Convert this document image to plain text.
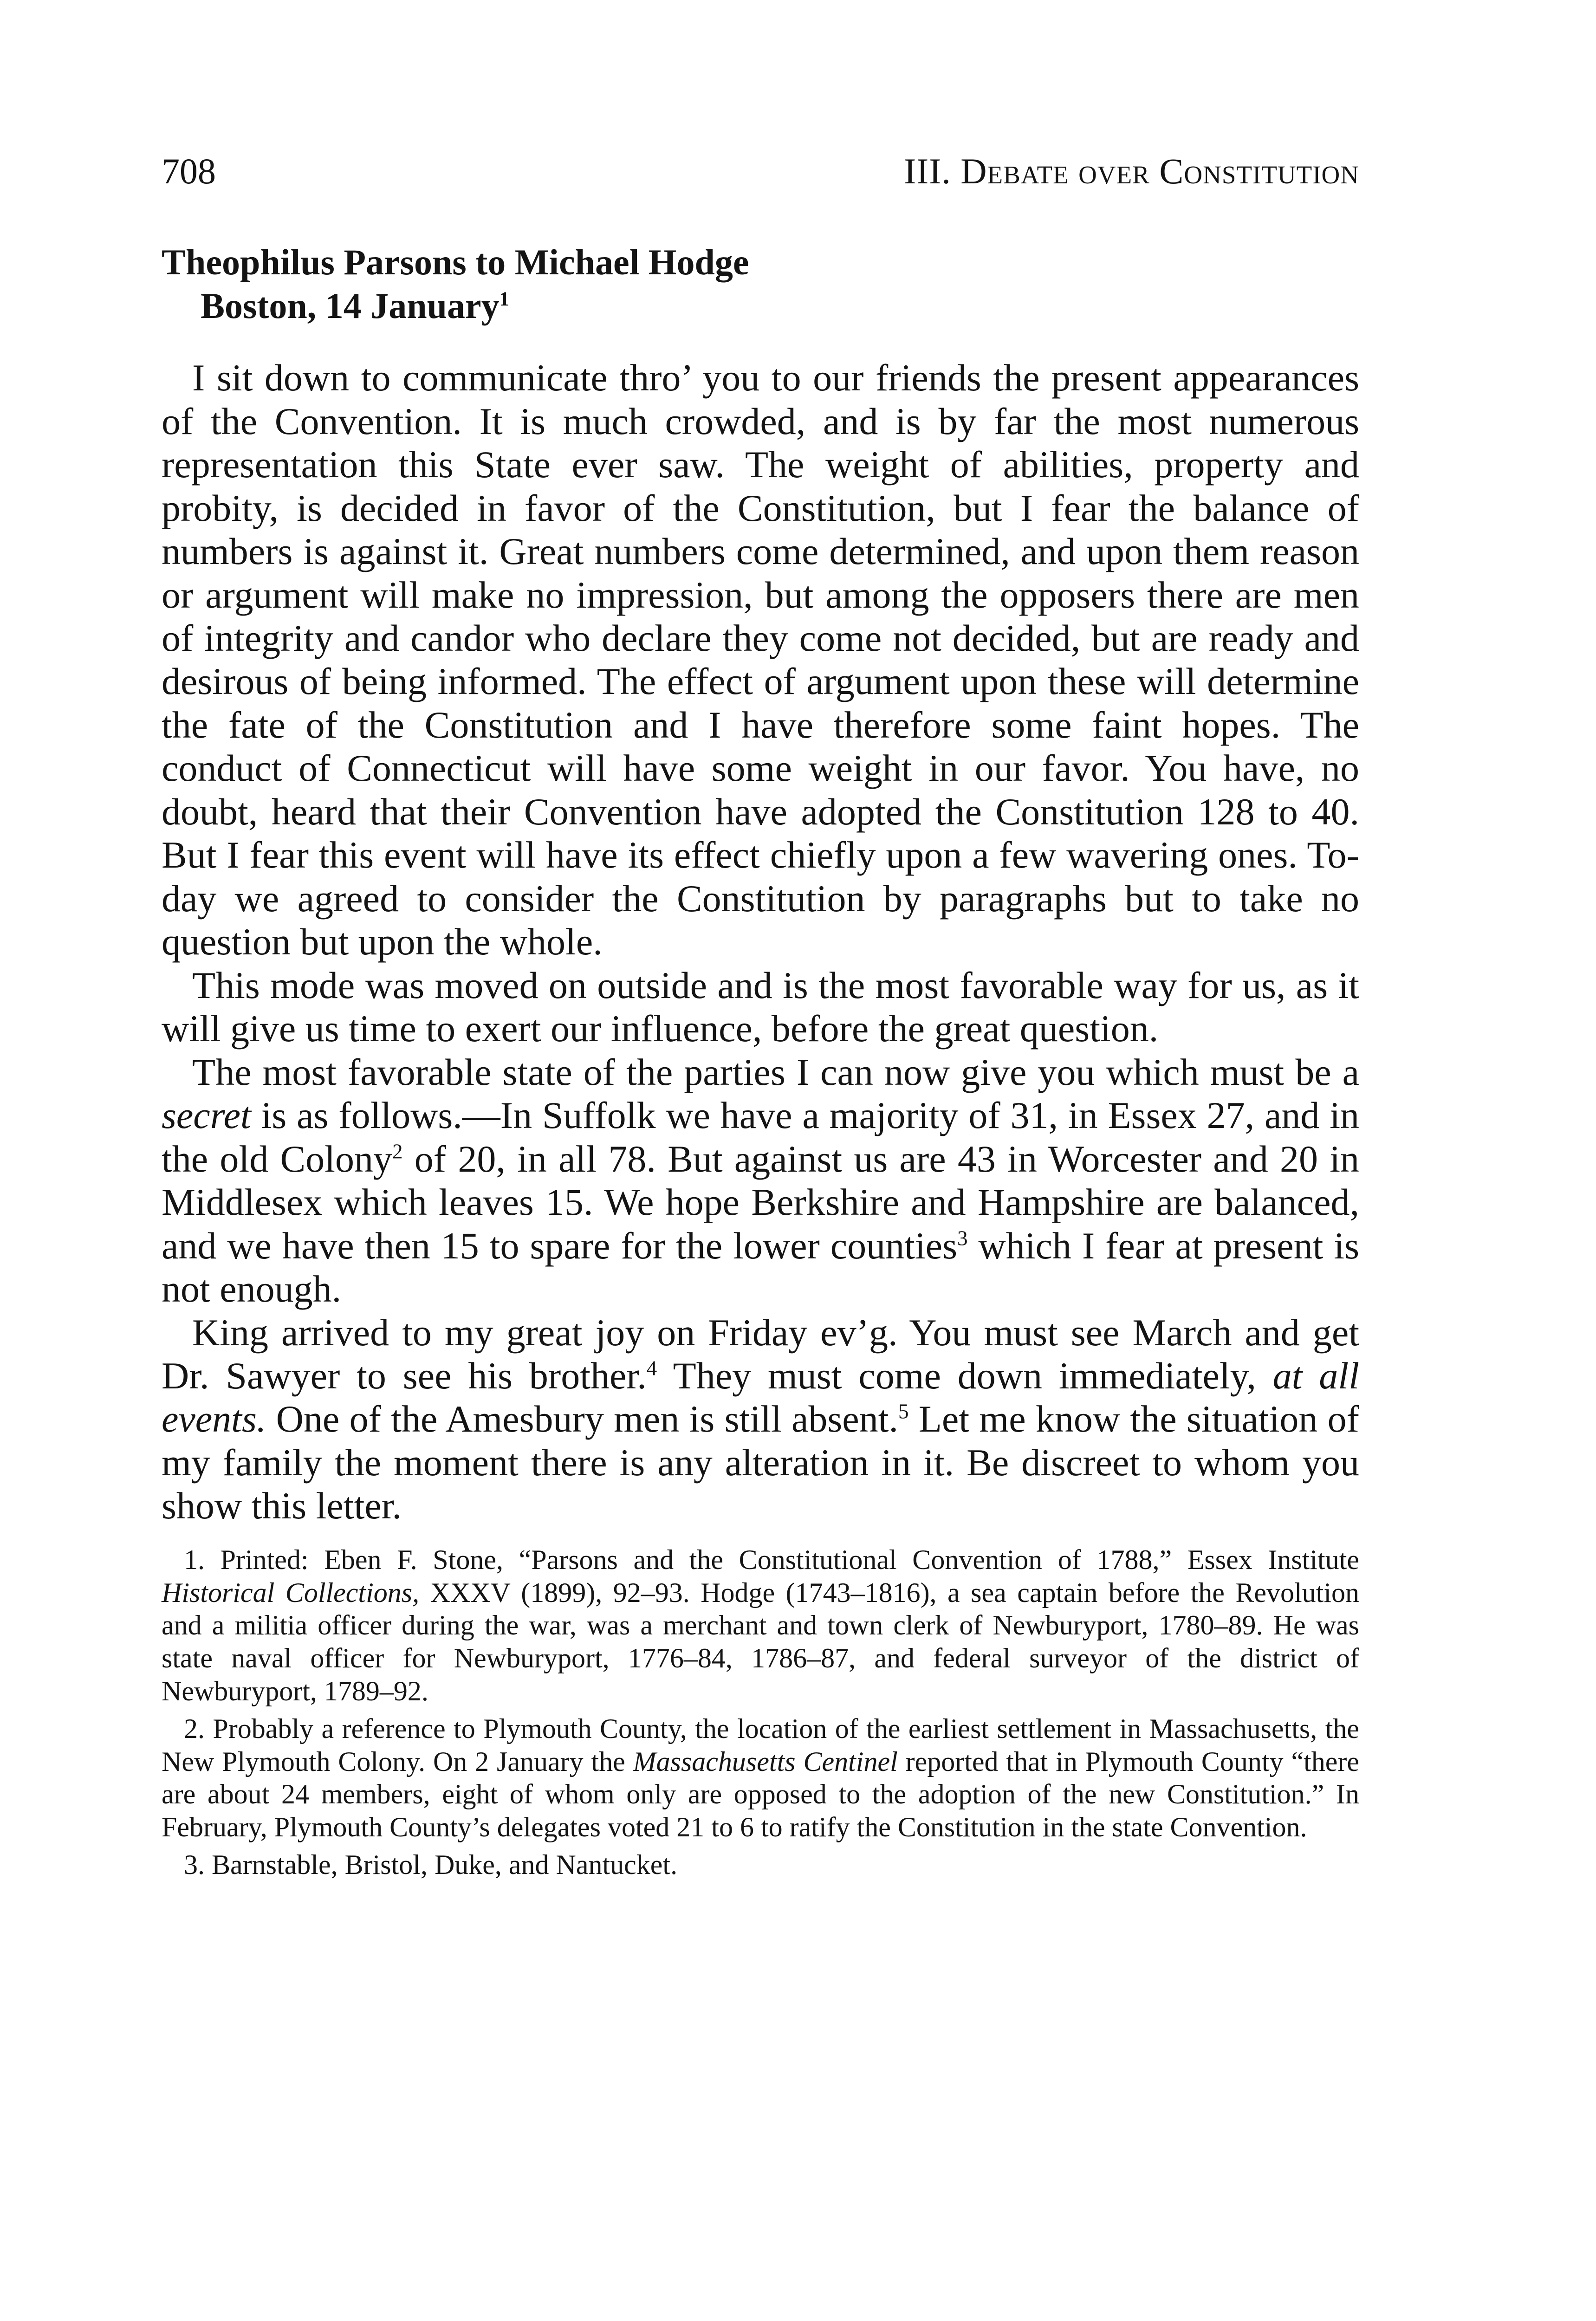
708	III. Debate over Constitution
Theophilus Parsons to Michael Hodge
Boston, 14 January$^1$

I sit down to communicate thro’ you to our friends the present appearances of the Convention. It is much crowded, and is by far the most numerous representation this State ever saw. The weight of abilities, property and probity, is decided in favor of the Constitution, but I fear the balance of numbers is against it. Great numbers come determined, and upon them reason or argument will make no impression, but among the opposers there are men of integrity and candor who declare they come not decided, but are ready and desirous of being informed. The effect of argument upon these will determine the fate of the Constitution and I have therefore some faint hopes. The conduct of Connecticut will have some weight in our favor. You have, no doubt, heard that their Convention have adopted the Constitution 128 to 40. But I fear this event will have its effect chiefly upon a few wavering ones. To-day we agreed to consider the Constitution by paragraphs but to take no question but upon the whole.

This mode was moved on outside and is the most favorable way for us, as it will give us time to exert our influence, before the great question.

The most favorable state of the parties I can now give you which must be a secret is as follows.—In Suffolk we have a majority of 31, in Essex 27, and in the old Colony$^2$ of 20, in all 78. But against us are 43 in Worcester and 20 in Middlesex which leaves 15. We hope Berkshire and Hampshire are balanced, and we have then 15 to spare for the lower counties$^3$ which I fear at present is not enough.

King arrived to my great joy on Friday ev’g. You must see March and get Dr. Sawyer to see his brother.$^4$ They must come down immediately, at all events. One of the Amesbury men is still absent.$^5$ Let me know the situation of my family the moment there is any alteration in it. Be discreet to whom you show this letter.

1. Printed: Eben F. Stone, “Parsons and the Constitutional Convention of 1788,” Essex Institute Historical Collections, XXXV (1899), 92–93. Hodge (1743–1816), a sea captain before the Revolution and a militia officer during the war, was a merchant and town clerk of Newburyport, 1780–89. He was state naval officer for Newburyport, 1776–84, 1786–87, and federal surveyor of the district of Newburyport, 1789–92.

2. Probably a reference to Plymouth County, the location of the earliest settlement in Massachusetts, the New Plymouth Colony. On 2 January the Massachusetts Centinel reported that in Plymouth County “there are about 24 members, eight of whom only are opposed to the adoption of the new Constitution.” In February, Plymouth County’s delegates voted 21 to 6 to ratify the Constitution in the state Convention.

3. Barnstable, Bristol, Duke, and Nantucket.
